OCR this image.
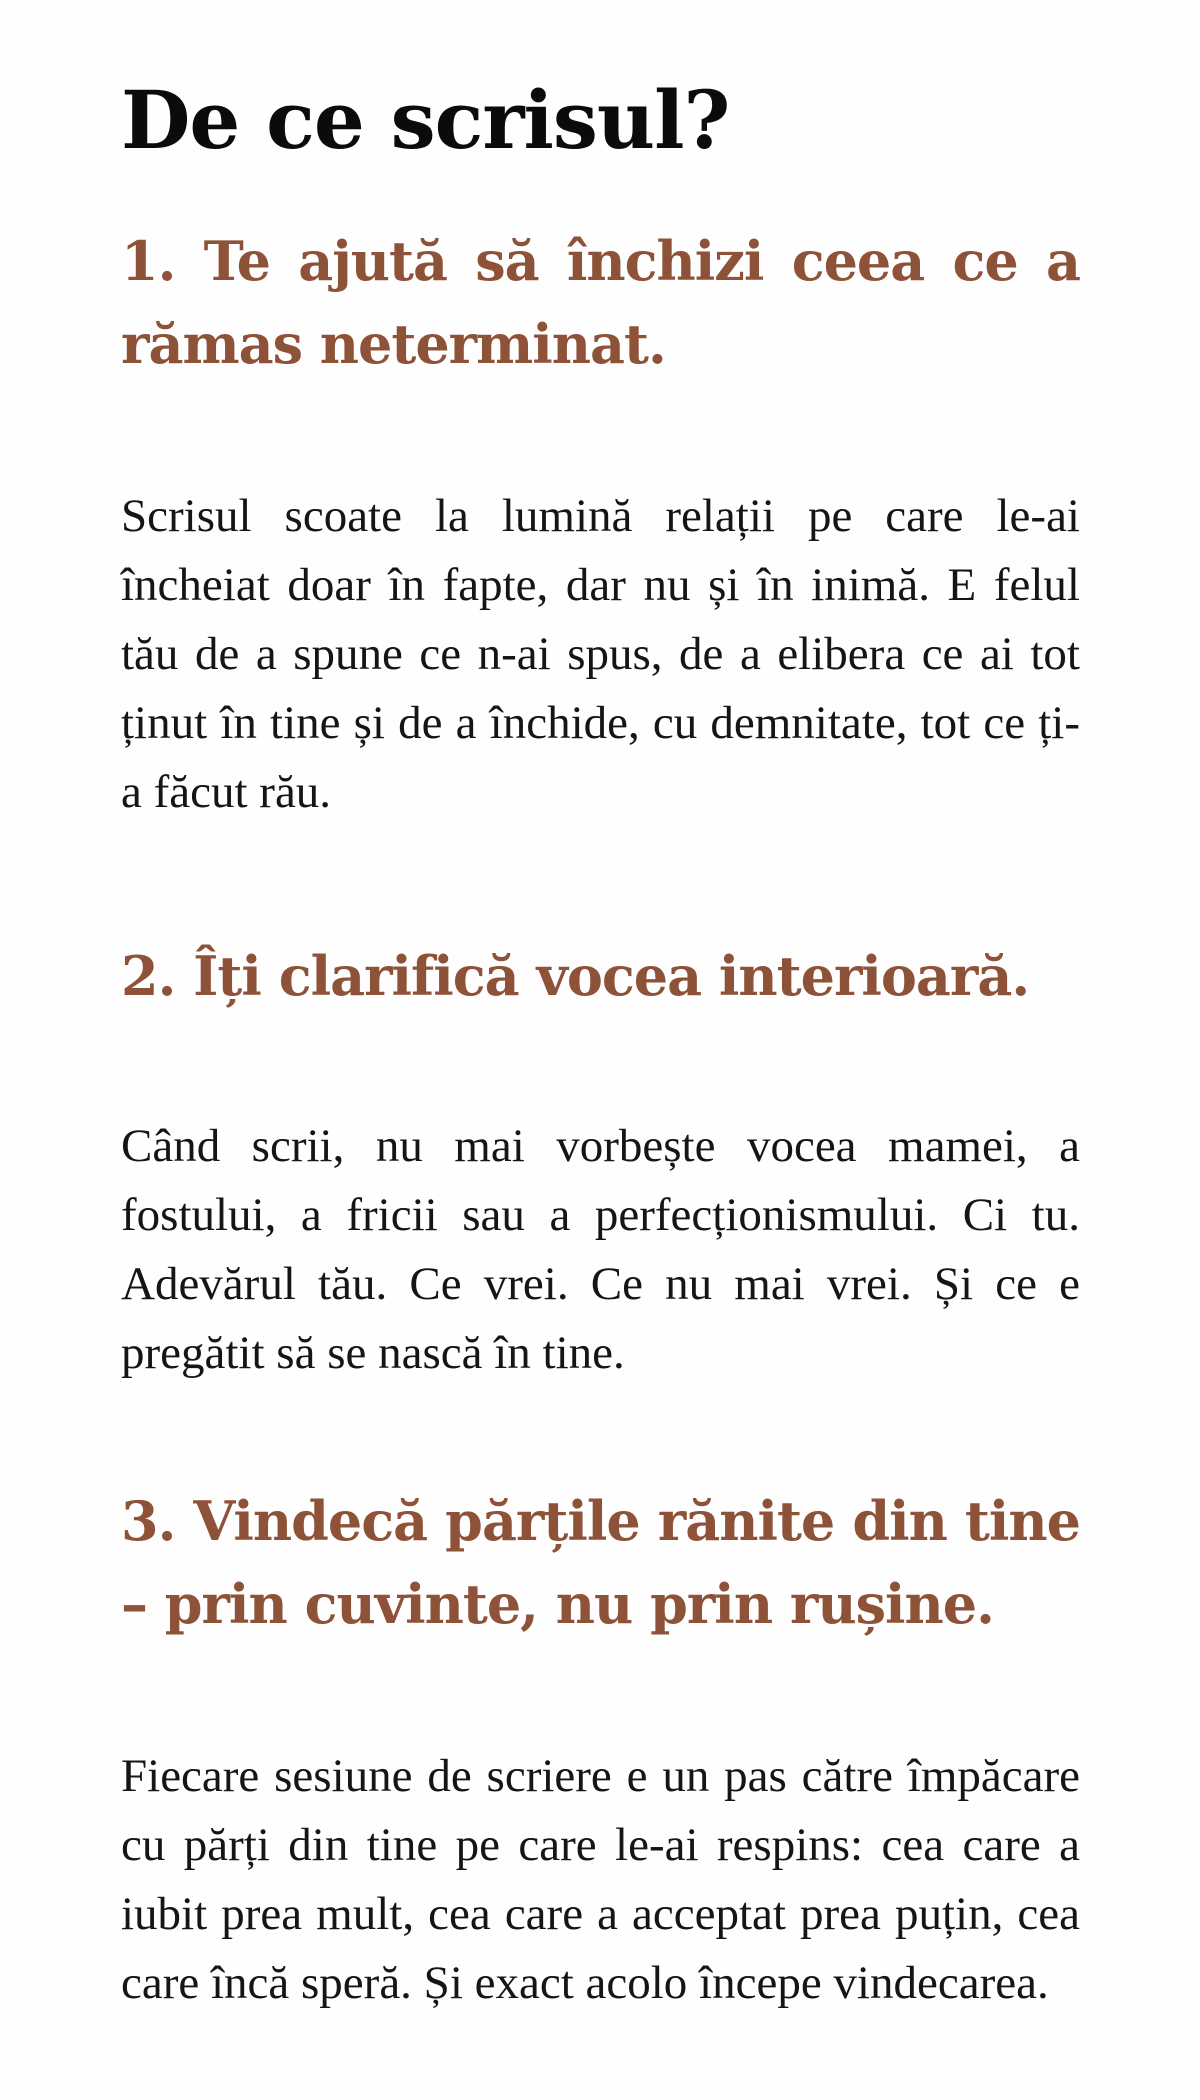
De ce scrisul?
1. Te ajută să închizi ceea ce a rămas neterminat.

Scrisul scoate la lumină relații pe care le-ai încheiat doar în fapte, dar nu și în inimă. E felul tău de a spune ce n-ai spus, de a elibera ce ai tot ținut în tine și de a închide, cu demnitate, tot ce ți-a făcut rău.

2. Îți clarifică vocea interioară.

Când scrii, nu mai vorbește vocea mamei, a fostului, a fricii sau a perfecționismului. Ci tu. Adevărul tău. Ce vrei. Ce nu mai vrei. Și ce e pregătit să se nască în tine.

3. Vindecă părțile rănite din tine – prin cuvinte, nu prin rușine.

Fiecare sesiune de scriere e un pas către împăcare cu părți din tine pe care le-ai respins: cea care a iubit prea mult, cea care a acceptat prea puțin, cea care încă speră. Și exact acolo începe vindecarea.
